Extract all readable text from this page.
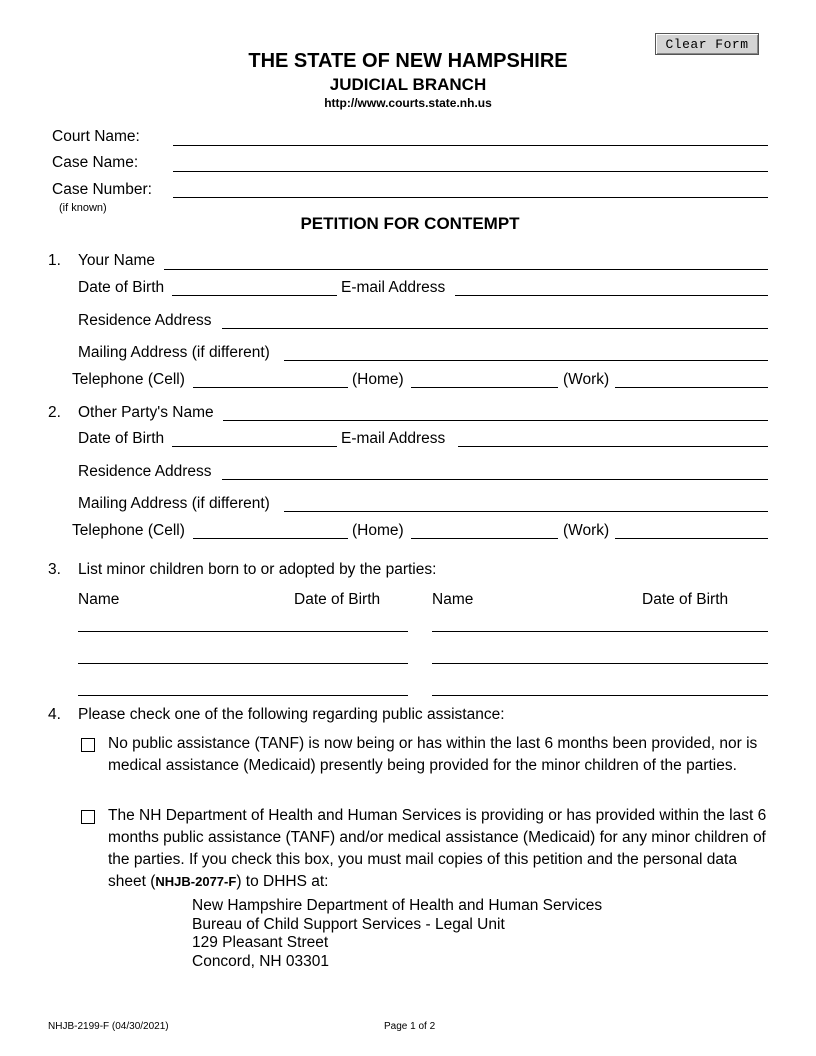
Clear Form
THE STATE OF NEW HAMPSHIRE
JUDICIAL BRANCH
http://www.courts.state.nh.us
Court Name:
Case Name:
Case Number:
(if known)
PETITION FOR CONTEMPT
1. Your Name
Date of Birth	E-mail Address
Residence Address
Mailing Address (if different)
Telephone (Cell)	(Home)	(Work)
2. Other Party's Name
Date of Birth	E-mail Address
Residence Address
Mailing Address (if different)
Telephone (Cell)	(Home)	(Work)
3. List minor children born to or adopted by the parties:
Name	Date of Birth	Name	Date of Birth
4. Please check one of the following regarding public assistance:
No public assistance (TANF) is now being or has within the last 6 months been provided, nor is medical assistance (Medicaid) presently being provided for the minor children of the parties.
The NH Department of Health and Human Services is providing or has provided within the last 6 months public assistance (TANF) and/or medical assistance (Medicaid) for any minor children of the parties. If you check this box, you must mail copies of this petition and the personal data sheet (NHJB-2077-F) to DHHS at:
New Hampshire Department of Health and Human Services
Bureau of Child Support Services - Legal Unit
129 Pleasant Street
Concord, NH 03301
NHJB-2199-F (04/30/2021)	Page 1 of 2
